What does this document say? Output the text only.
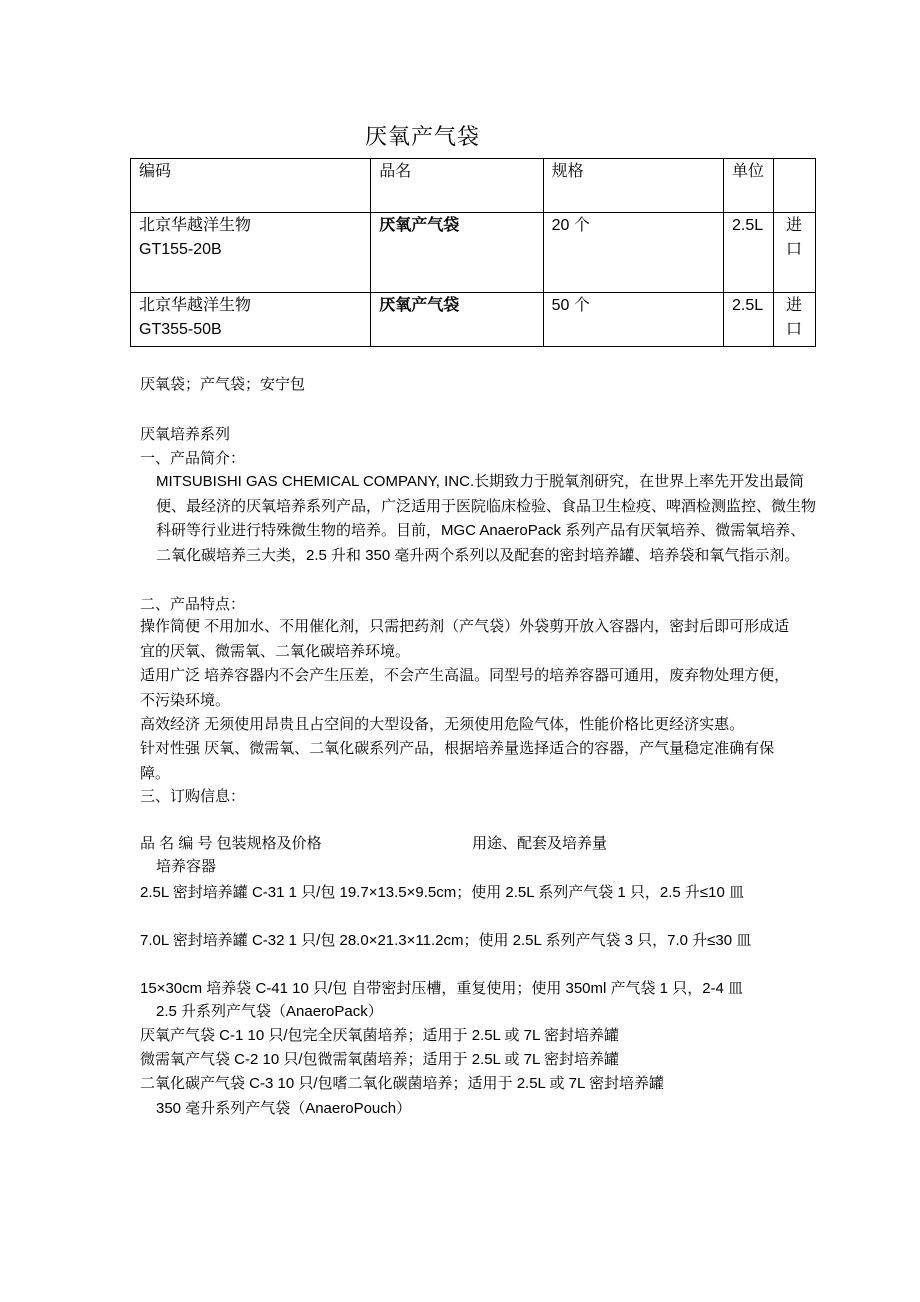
厌氧产气袋
编码	品名	规格	单位	

北京华越洋生物
GT155-20B	厌氧产气袋	20 个	2.5L	进口

北京华越洋生物
GT355-50B	厌氧产气袋	50 个	2.5L	进口
厌氧袋；产气袋；安宁包
厌氧培养系列
一、产品简介：
MITSUBISHI GAS CHEMICAL COMPANY, INC.长期致力于脱氧剂研究，在世界上率先开发出最简便、最经济的厌氧培养系列产品，广泛适用于医院临床检验、食品卫生检疫、啤酒检测监控、微生物科研等行业进行特殊微生物的培养。目前，MGC AnaeroPack 系列产品有厌氧培养、微需氧培养、二氧化碳培养三大类，2.5 升和 350 毫升两个系列以及配套的密封培养罐、培养袋和氧气指示剂。
二、产品特点：
操作简便 不用加水、不用催化剂，只需把药剂（产气袋）外袋剪开放入容器内，密封后即可形成适宜的厌氧、微需氧、二氧化碳培养环境。
适用广泛 培养容器内不会产生压差，不会产生高温。同型号的培养容器可通用，废弃物处理方便，不污染环境。
高效经济 无须使用昂贵且占空间的大型设备，无须使用危险气体，性能价格比更经济实惠。
针对性强 厌氧、微需氧、二氧化碳系列产品，根据培养量选择适合的容器，产气量稳定准确有保障。
三、订购信息：
品 名 编 号 包装规格及价格	用途、配套及培养量
培养容器
2.5L 密封培养罐 C-31 1 只/包 19.7×13.5×9.5cm；使用 2.5L 系列产气袋 1 只，2.5 升≤10 皿
7.0L 密封培养罐 C-32 1 只/包 28.0×21.3×11.2cm；使用 2.5L 系列产气袋 3 只，7.0 升≤30 皿
15×30cm 培养袋 C-41 10 只/包 自带密封压槽，重复使用；使用 350ml 产气袋 1 只，2-4 皿
2.5 升系列产气袋（AnaeroPack）
厌氧产气袋 C-1 10 只/包完全厌氧菌培养；适用于 2.5L 或 7L 密封培养罐
微需氧产气袋 C-2 10 只/包微需氧菌培养；适用于 2.5L 或 7L 密封培养罐
二氧化碳产气袋 C-3 10 只/包嗜二氧化碳菌培养；适用于 2.5L 或 7L 密封培养罐
350 毫升系列产气袋（AnaeroPouch）
